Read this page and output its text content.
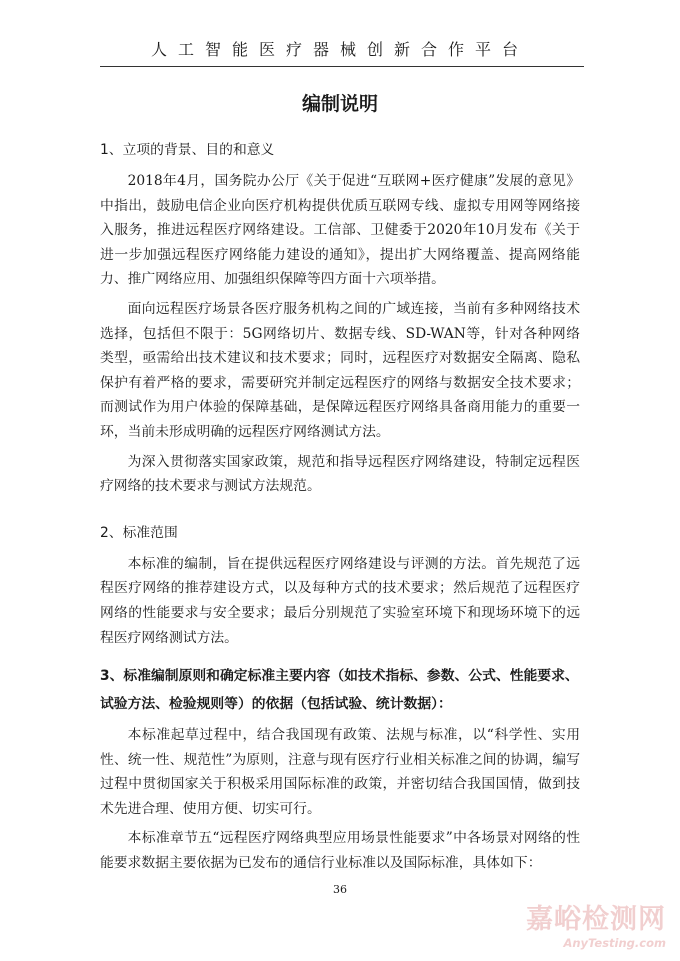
人工智能医疗器械创新合作平台
编制说明
1、立项的背景、目的和意义

2018年4月，国务院办公厅《关于促进“互联网+医疗健康”发展的意见》中指出，鼓励电信企业向医疗机构提供优质互联网专线、虚拟专用网等网络接入服务，推进远程医疗网络建设。工信部、卫健委于2020年10月发布《关于进一步加强远程医疗网络能力建设的通知》，提出扩大网络覆盖、提高网络能力、推广网络应用、加强组织保障等四方面十六项举措。

面向远程医疗场景各医疗服务机构之间的广域连接，当前有多种网络技术选择，包括但不限于：5G网络切片、数据专线、SD-WAN等，针对各种网络类型，亟需给出技术建议和技术要求；同时，远程医疗对数据安全隔离、隐私保护有着严格的要求，需要研究并制定远程医疗的网络与数据安全技术要求；而测试作为用户体验的保障基础，是保障远程医疗网络具备商用能力的重要一环，当前未形成明确的远程医疗网络测试方法。

为深入贯彻落实国家政策，规范和指导远程医疗网络建设，特制定远程医疗网络的技术要求与测试方法规范。

2、标准范围

本标准的编制，旨在提供远程医疗网络建设与评测的方法。首先规范了远程医疗网络的推荐建设方式，以及每种方式的技术要求；然后规范了远程医疗网络的性能要求与安全要求；最后分别规范了实验室环境下和现场环境下的远程医疗网络测试方法。

3、标准编制原则和确定标准主要内容（如技术指标、参数、公式、性能要求、试验方法、检验规则等）的依据（包括试验、统计数据）：

本标准起草过程中，结合我国现有政策、法规与标准，以“科学性、实用性、统一性、规范性”为原则，注意与现有医疗行业相关标准之间的协调，编写过程中贯彻国家关于积极采用国际标准的政策，并密切结合我国国情，做到技术先进合理、使用方便、切实可行。

本标准章节五“远程医疗网络典型应用场景性能要求”中各场景对网络的性能要求数据主要依据为已发布的通信行业标准以及国际标准，具体如下：

36
嘉峪检测网
AnyTesting.com
